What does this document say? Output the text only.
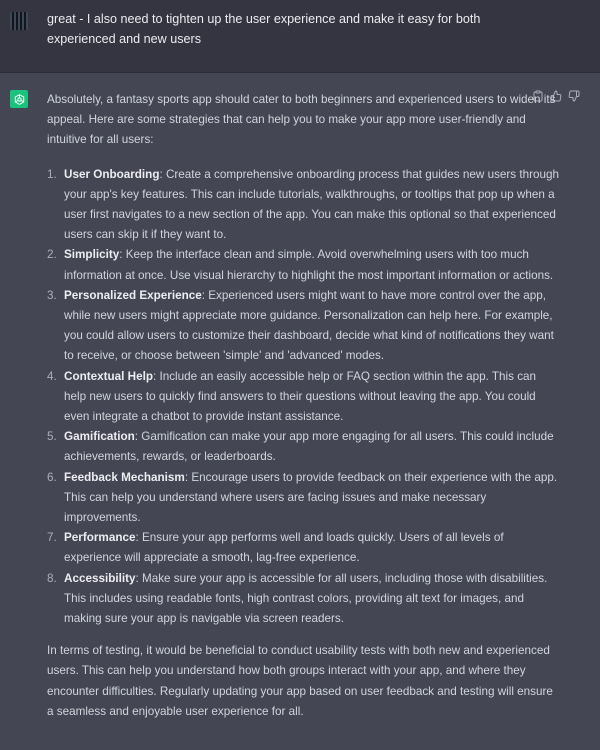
great - I also need to tighten up the user experience and make it easy for both experienced and new users

Absolutely, a fantasy sports app should cater to both beginners and experienced users to widen its appeal. Here are some strategies that can help you to make your app more user-friendly and intuitive for all users:

1. User Onboarding: Create a comprehensive onboarding process that guides new users through your app's key features. This can include tutorials, walkthroughs, or tooltips that pop up when a user first navigates to a new section of the app. You can make this optional so that experienced users can skip it if they want to.
2. Simplicity: Keep the interface clean and simple. Avoid overwhelming users with too much information at once. Use visual hierarchy to highlight the most important information or actions.
3. Personalized Experience: Experienced users might want to have more control over the app, while new users might appreciate more guidance. Personalization can help here. For example, you could allow users to customize their dashboard, decide what kind of notifications they want to receive, or choose between 'simple' and 'advanced' modes.
4. Contextual Help: Include an easily accessible help or FAQ section within the app. This can help new users to quickly find answers to their questions without leaving the app. You could even integrate a chatbot to provide instant assistance.
5. Gamification: Gamification can make your app more engaging for all users. This could include achievements, rewards, or leaderboards.
6. Feedback Mechanism: Encourage users to provide feedback on their experience with the app. This can help you understand where users are facing issues and make necessary improvements.
7. Performance: Ensure your app performs well and loads quickly. Users of all levels of experience will appreciate a smooth, lag-free experience.
8. Accessibility: Make sure your app is accessible for all users, including those with disabilities. This includes using readable fonts, high contrast colors, providing alt text for images, and making sure your app is navigable via screen readers.

In terms of testing, it would be beneficial to conduct usability tests with both new and experienced users. This can help you understand how both groups interact with your app, and where they encounter difficulties. Regularly updating your app based on user feedback and testing will ensure a seamless and enjoyable user experience for all.
